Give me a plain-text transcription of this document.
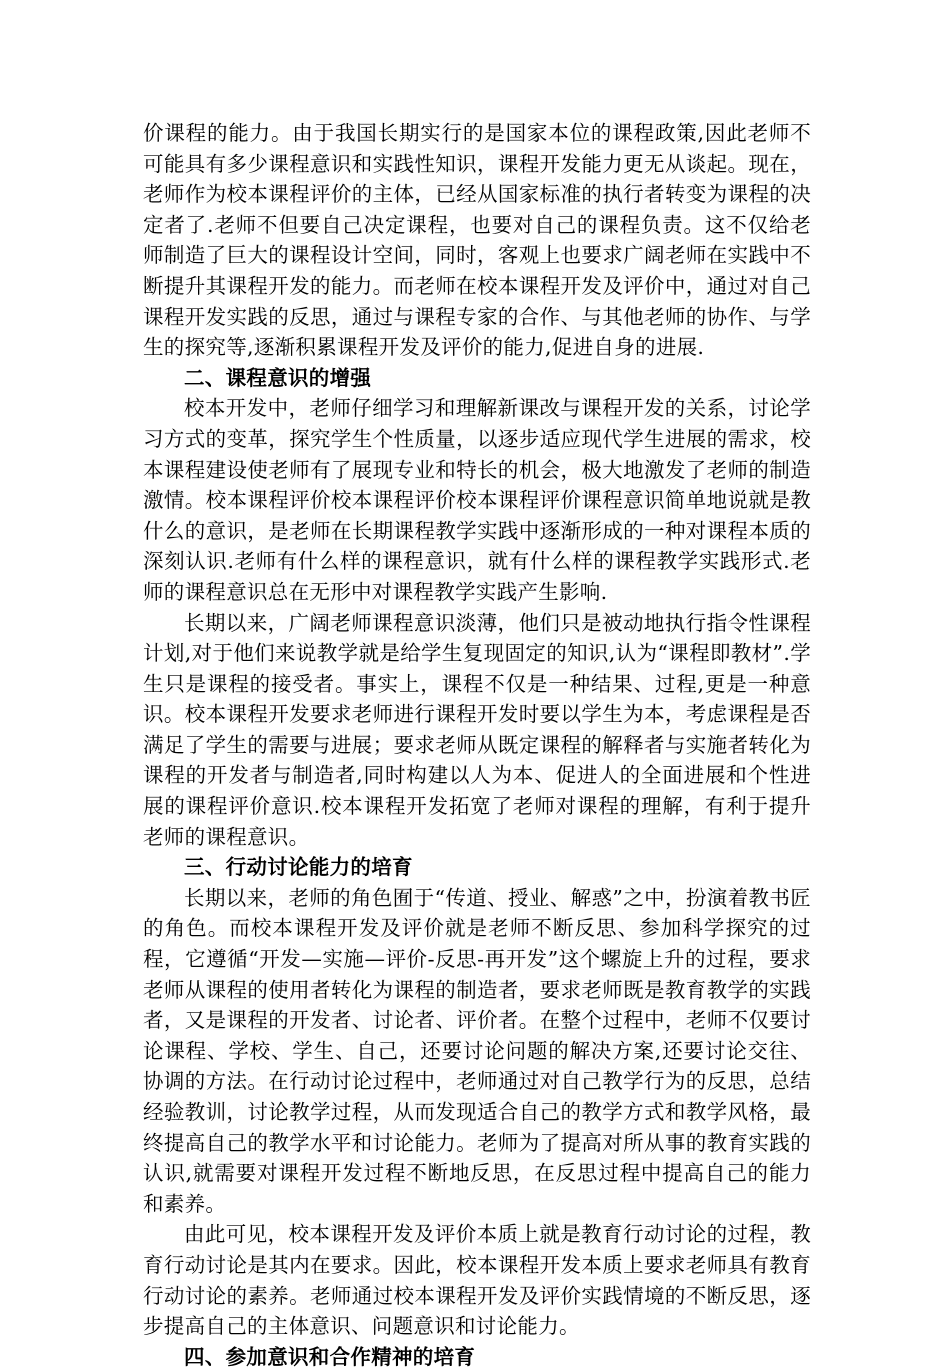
价课程的能力。由于我国长期实行的是国家本位的课程政策,因此老师不可能具有多少课程意识和实践性知识，课程开发能力更无从谈起。现在，老师作为校本课程评价的主体，已经从国家标准的执行者转变为课程的决定者了.老师不但要自己决定课程，也要对自己的课程负责。这不仅给老师制造了巨大的课程设计空间，同时，客观上也要求广阔老师在实践中不断提升其课程开发的能力。而老师在校本课程开发及评价中，通过对自己课程开发实践的反思，通过与课程专家的合作、与其他老师的协作、与学生的探究等,逐渐积累课程开发及评价的能力,促进自身的进展.

二、课程意识的增强

校本开发中，老师仔细学习和理解新课改与课程开发的关系，讨论学习方式的变革，探究学生个性质量，以逐步适应现代学生进展的需求，校本课程建设使老师有了展现专业和特长的机会，极大地激发了老师的制造激情。校本课程评价校本课程评价校本课程评价课程意识简单地说就是教什么的意识，是老师在长期课程教学实践中逐渐形成的一种对课程本质的深刻认识.老师有什么样的课程意识，就有什么样的课程教学实践形式.老师的课程意识总在无形中对课程教学实践产生影响.

长期以来，广阔老师课程意识淡薄，他们只是被动地执行指令性课程计划,对于他们来说教学就是给学生复现固定的知识,认为“课程即教材”.学生只是课程的接受者。事实上，课程不仅是一种结果、过程,更是一种意识。校本课程开发要求老师进行课程开发时要以学生为本，考虑课程是否满足了学生的需要与进展；要求老师从既定课程的解释者与实施者转化为课程的开发者与制造者,同时构建以人为本、促进人的全面进展和个性进展的课程评价意识.校本课程开发拓宽了老师对课程的理解，有利于提升老师的课程意识。

三、行动讨论能力的培育

长期以来，老师的角色囿于“传道、授业、解惑”之中，扮演着教书匠的角色。而校本课程开发及评价就是老师不断反思、参加科学探究的过程，它遵循“开发—实施—评价-反思-再开发”这个螺旋上升的过程，要求老师从课程的使用者转化为课程的制造者，要求老师既是教育教学的实践者，又是课程的开发者、讨论者、评价者。在整个过程中，老师不仅要讨论课程、学校、学生、自己，还要讨论问题的解决方案,还要讨论交往、协调的方法。在行动讨论过程中，老师通过对自己教学行为的反思，总结经验教训，讨论教学过程，从而发现适合自己的教学方式和教学风格，最终提高自己的教学水平和讨论能力。老师为了提高对所从事的教育实践的认识,就需要对课程开发过程不断地反思，在反思过程中提高自己的能力和素养。

由此可见，校本课程开发及评价本质上就是教育行动讨论的过程，教育行动讨论是其内在要求。因此，校本课程开发本质上要求老师具有教育行动讨论的素养。老师通过校本课程开发及评价实践情境的不断反思，逐步提高自己的主体意识、问题意识和讨论能力。

四、参加意识和合作精神的培育
